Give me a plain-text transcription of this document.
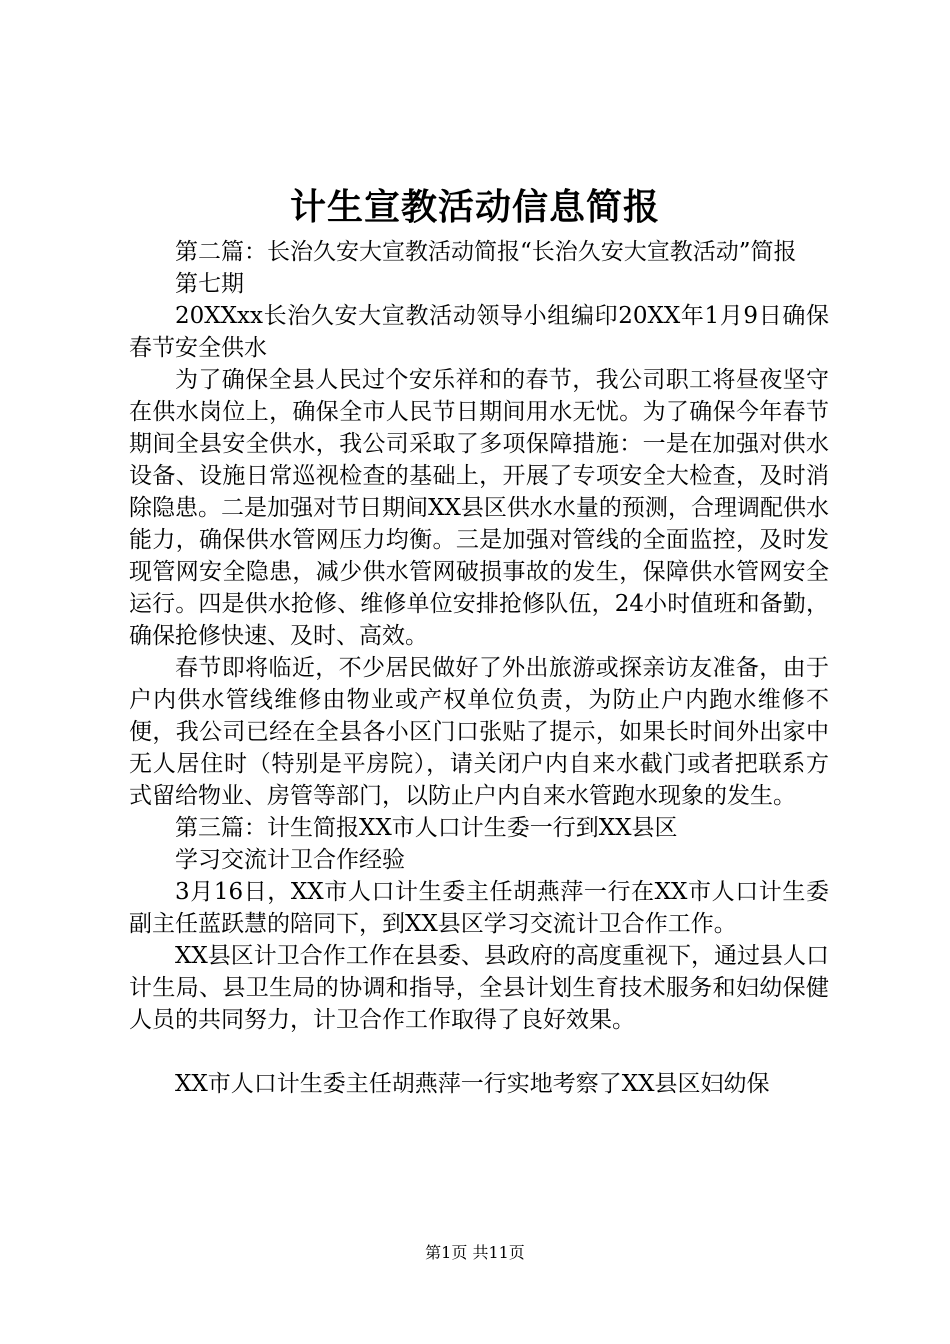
计生宣教活动信息简报

第二篇：长治久安大宣教活动简报“长治久安大宣教活动”简报

第七期

20XXxx长治久安大宣教活动领导小组编印20XX年1月9日确保春节安全供水

为了确保全县人民过个安乐祥和的春节，我公司职工将昼夜坚守在供水岗位上，确保全市人民节日期间用水无忧。为了确保今年春节期间全县安全供水，我公司采取了多项保障措施：一是在加强对供水设备、设施日常巡视检查的基础上，开展了专项安全大检查，及时消除隐患。二是加强对节日期间XX县区供水水量的预测，合理调配供水能力，确保供水管网压力均衡。三是加强对管线的全面监控，及时发现管网安全隐患，减少供水管网破损事故的发生，保障供水管网安全运行。四是供水抢修、维修单位安排抢修队伍，24小时值班和备勤，确保抢修快速、及时、高效。

春节即将临近，不少居民做好了外出旅游或探亲访友准备，由于户内供水管线维修由物业或产权单位负责，为防止户内跑水维修不便，我公司已经在全县各小区门口张贴了提示，如果长时间外出家中无人居住时（特别是平房院），请关闭户内自来水截门或者把联系方式留给物业、房管等部门，以防止户内自来水管跑水现象的发生。

第三篇：计生简报XX市人口计生委一行到XX县区

学习交流计卫合作经验

3月16日，XX市人口计生委主任胡燕萍一行在XX市人口计生委副主任蓝跃慧的陪同下，到XX县区学习交流计卫合作工作。

XX县区计卫合作工作在县委、县政府的高度重视下，通过县人口计生局、县卫生局的协调和指导，全县计划生育技术服务和妇幼保健人员的共同努力，计卫合作工作取得了良好效果。

XX市人口计生委主任胡燕萍一行实地考察了XX县区妇幼保

第1页 共11页
